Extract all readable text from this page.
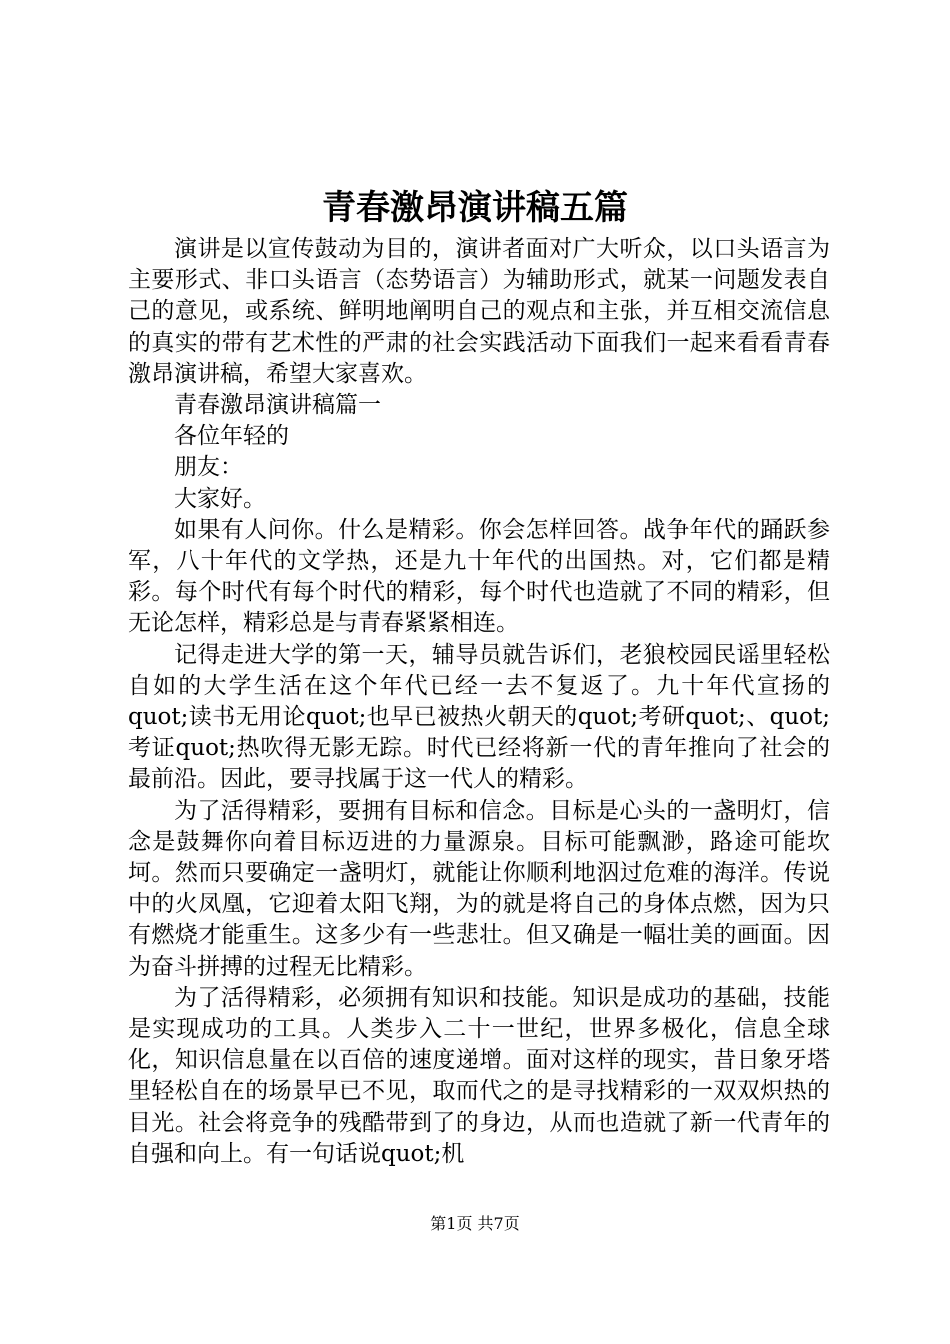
青春激昂演讲稿五篇

演讲是以宣传鼓动为目的，演讲者面对广大听众，以口头语言为主要形式、非口头语言（态势语言）为辅助形式，就某一问题发表自己的意见，或系统、鲜明地阐明自己的观点和主张，并互相交流信息的真实的带有艺术性的严肃的社会实践活动下面我们一起来看看青春激昂演讲稿，希望大家喜欢。

青春激昂演讲稿篇一

各位年轻的

朋友：

大家好。

如果有人问你。什么是精彩。你会怎样回答。战争年代的踊跃参军，八十年代的文学热，还是九十年代的出国热。对，它们都是精彩。每个时代有每个时代的精彩，每个时代也造就了不同的精彩，但无论怎样，精彩总是与青春紧紧相连。

记得走进大学的第一天，辅导员就告诉们，老狼校园民谣里轻松自如的大学生活在这个年代已经一去不复返了。九十年代宣扬的quot;读书无用论quot;也早已被热火朝天的quot;考研quot;、quot;考证quot;热吹得无影无踪。时代已经将新一代的青年推向了社会的最前沿。因此，要寻找属于这一代人的精彩。

为了活得精彩，要拥有目标和信念。目标是心头的一盏明灯，信念是鼓舞你向着目标迈进的力量源泉。目标可能飘渺，路途可能坎坷。然而只要确定一盏明灯，就能让你顺利地泅过危难的海洋。传说中的火凤凰，它迎着太阳飞翔，为的就是将自己的身体点燃，因为只有燃烧才能重生。这多少有一些悲壮。但又确是一幅壮美的画面。因为奋斗拼搏的过程无比精彩。

为了活得精彩，必须拥有知识和技能。知识是成功的基础，技能是实现成功的工具。人类步入二十一世纪，世界多极化，信息全球化，知识信息量在以百倍的速度递增。面对这样的现实，昔日象牙塔里轻松自在的场景早已不见，取而代之的是寻找精彩的一双双炽热的目光。社会将竞争的残酷带到了的身边，从而也造就了新一代青年的自强和向上。有一句话说quot;机

第1页 共7页
